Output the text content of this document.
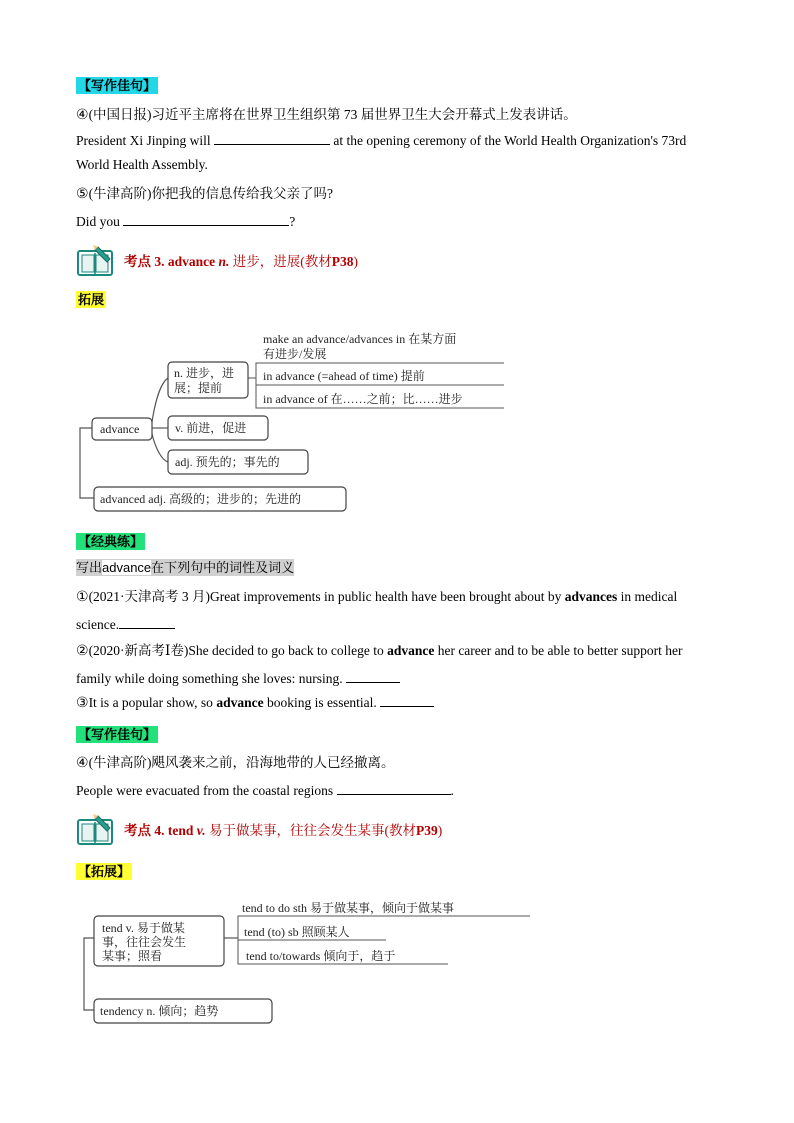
【写作佳句】
④(中国日报)习近平主席将在世界卫生组织第 73 届世界卫生大会开幕式上发表讲话。
President Xi Jinping will	at the opening ceremony of the World Health Organization's 73rd
World Health Assembly.
⑤(牛津高阶)你把我的信息传给我父亲了吗?
Did you	?
考点 3. advance n. 进步，进展(教材P38)
拓展
advance
n. 进步，进
展；提前
make an advance/advances in 在某方面
有进步/发展
in advance (=ahead of time) 提前
in advance of 在……之前；比……进步
v. 前进，促进
adj. 预先的；事先的
advanced adj. 高级的；进步的；先进的
【经典练】
写出advance在下列句中的词性及词义
①(2021·天津高考 3 月)Great improvements in public health have been brought about by advances in medical
science.
②(2020·新高考Ⅰ卷)She decided to go back to college to advance her career and to be able to better support her
family while doing something she loves: nursing.
③It is a popular show, so advance booking is essential.
【写作佳句】
④(牛津高阶)飓风袭来之前，沿海地带的人已经撤离。
People were evacuated from the coastal regions	.
考点 4. tend v. 易于做某事，往往会发生某事(教材P39)
【拓展】
tend v. 易于做某
事，往往会发生
某事；照看
tend to do sth 易于做某事，倾向于做某事
tend (to) sb 照顾某人
tend to/towards 倾向于，趋于
tendency n. 倾向；趋势
